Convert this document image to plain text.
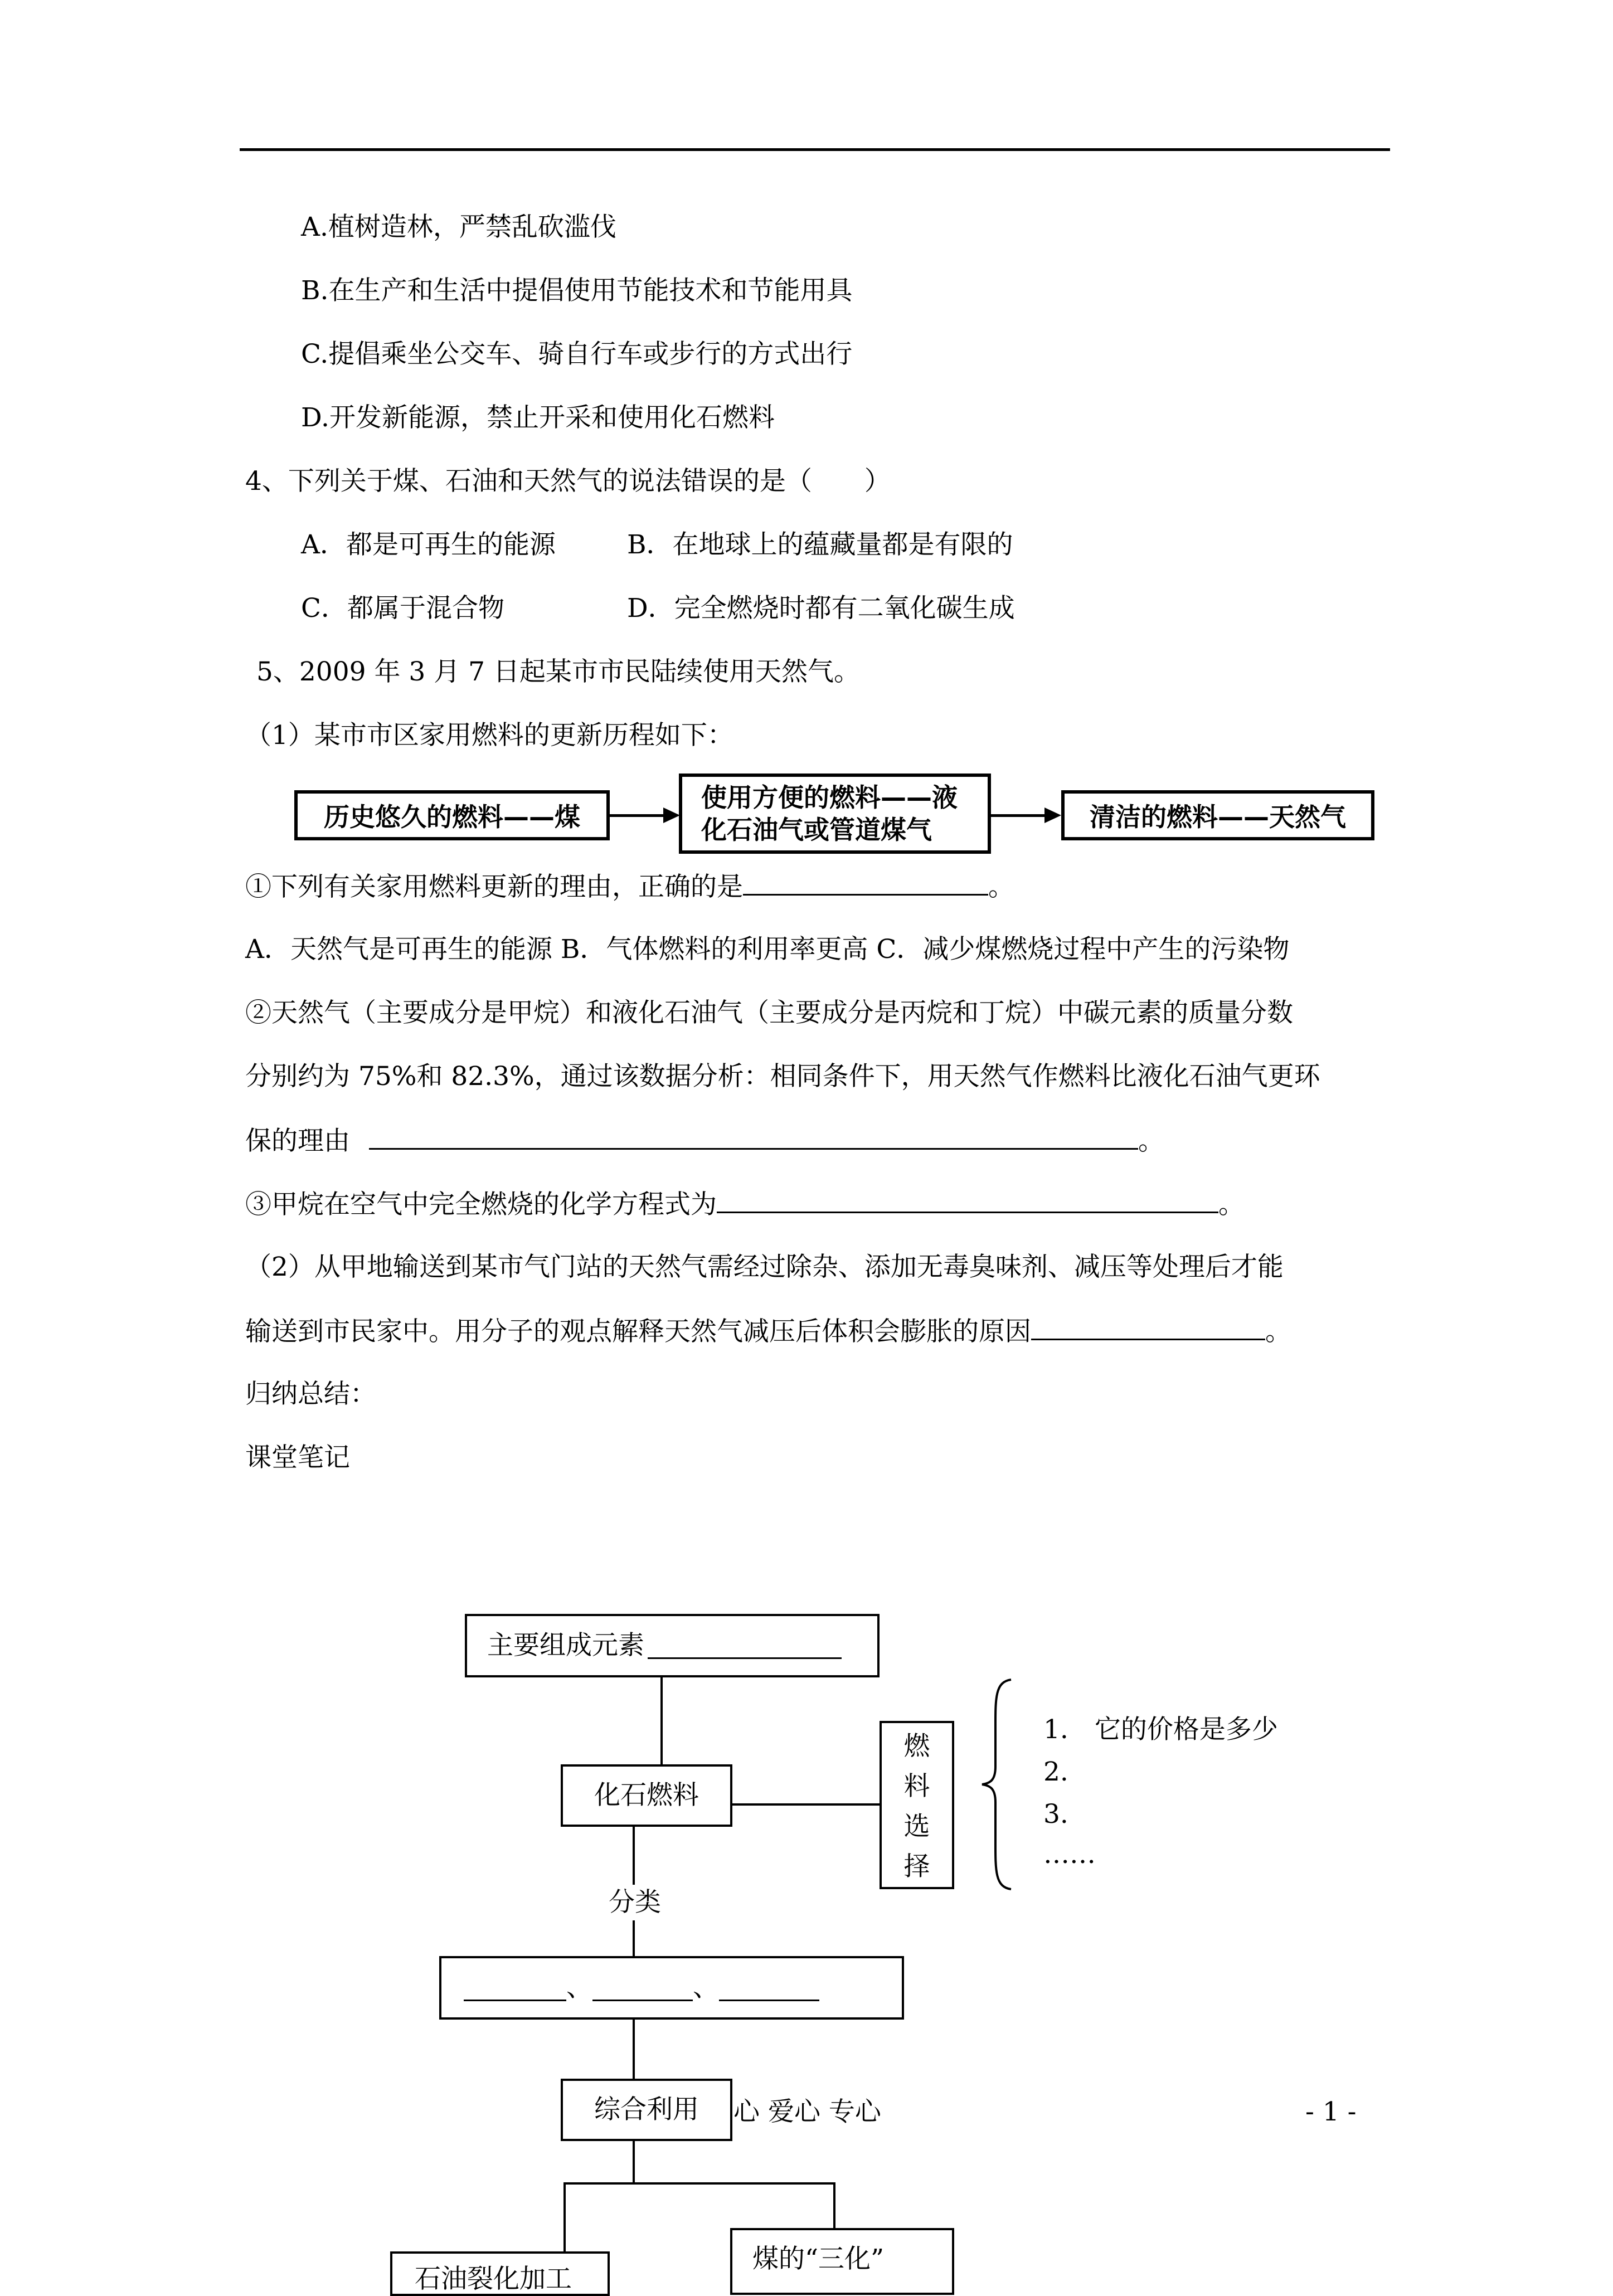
A.植树造林，严禁乱砍滥伐
B.在生产和生活中提倡使用节能技术和节能用具
C.提倡乘坐公交车、骑自行车或步行的方式出行
D.开发新能源，禁止开采和使用化石燃料
4、下列关于煤、石油和天然气的说法错误的是（　　）
A．都是可再生的能源	B．在地球上的蕴藏量都是有限的
C．都属于混合物	D．完全燃烧时都有二氧化碳生成
5、2009 年 3 月 7 日起某市市民陆续使用天然气。
（1）某市市区家用燃料的更新历程如下：
历史悠久的燃料——煤
使用方便的燃料——液
化石油气或管道煤气	清洁的燃料——天然气
①下列有关家用燃料更新的理由，正确的是	。
A．天然气是可再生的能源 B．气体燃料的利用率更高 C．减少煤燃烧过程中产生的污染物
②天然气（主要成分是甲烷）和液化石油气（主要成分是丙烷和丁烷）中碳元素的质量分数
分别约为 75%和 82.3%，通过该数据分析：相同条件下，用天然气作燃料比液化石油气更环
保的理由	。
③甲烷在空气中完全燃烧的化学方程式为	。
（2）从甲地输送到某市气门站的天然气需经过除杂、添加无毒臭味剂、减压等处理后才能
输送到市民家中。用分子的观点解释天然气减压后体积会膨胀的原因	。
归纳总结：
课堂笔记
主要组成元素
化石燃料
燃
料
选
择
1.　它的价格是多少
2.
3.
……
分类
、	、
综合利用 心 爱心 专心	- 1 -
石油裂化加工
煤的“三化”
